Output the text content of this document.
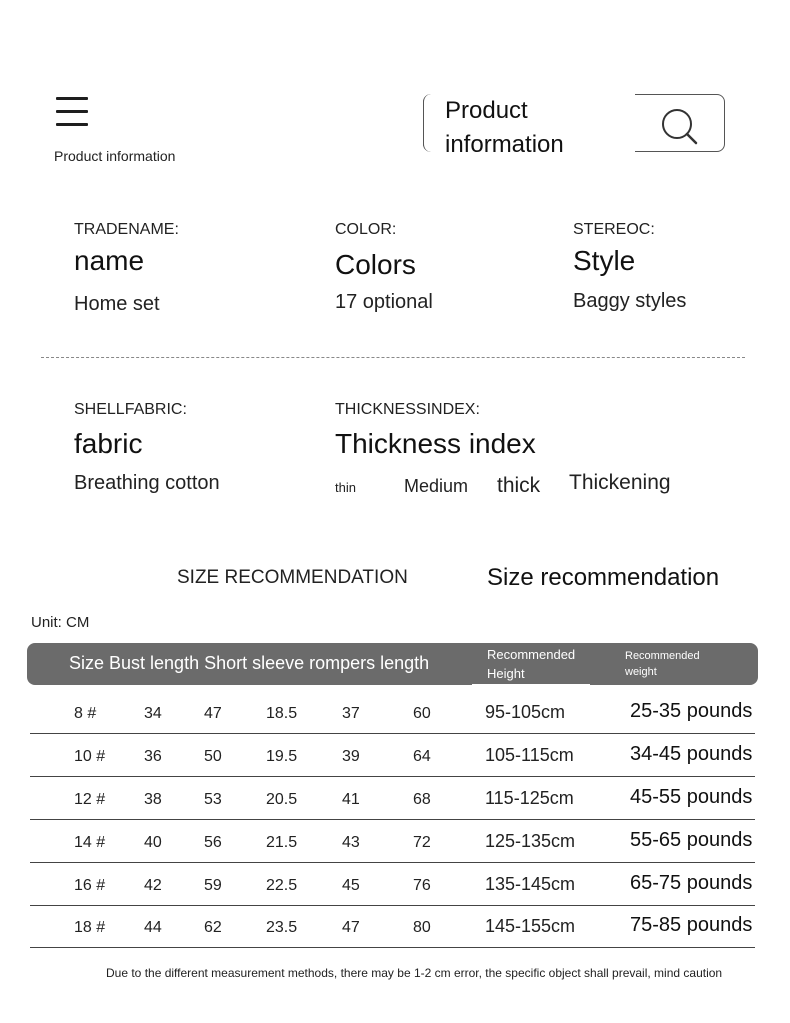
Product information
Product information
TRADENAME:
name
Home set
COLOR:
Colors
17 optional
STEREOC:
Style
Baggy styles
SHELLFABRIC:
fabric
Breathing cotton
THICKNESSINDEX:
Thickness index
thin	Medium thick Thickening
SIZE RECOMMENDATION	Size recommendation
Unit: CM
Size Bust length Short sleeve rompers length	Recommended Height
Recommended weight
8 #	34	47	18.5	37	60	95-105cm	25-35 pounds
10 # 36	50	19.5	39	64	105-115cm	34-45 pounds
12 # 38	53	20.5	41	68	115-125cm	45-55 pounds
14 # 40	56	21.5	43	72	125-135cm	55-65 pounds
16 # 42	59	22.5	45	76	135-145cm	65-75 pounds
18 # 44	62	23.5	47	80	145-155cm	75-85 pounds
Due to the different measurement methods, there may be 1-2 cm error, the specific object shall prevail, mind caution
